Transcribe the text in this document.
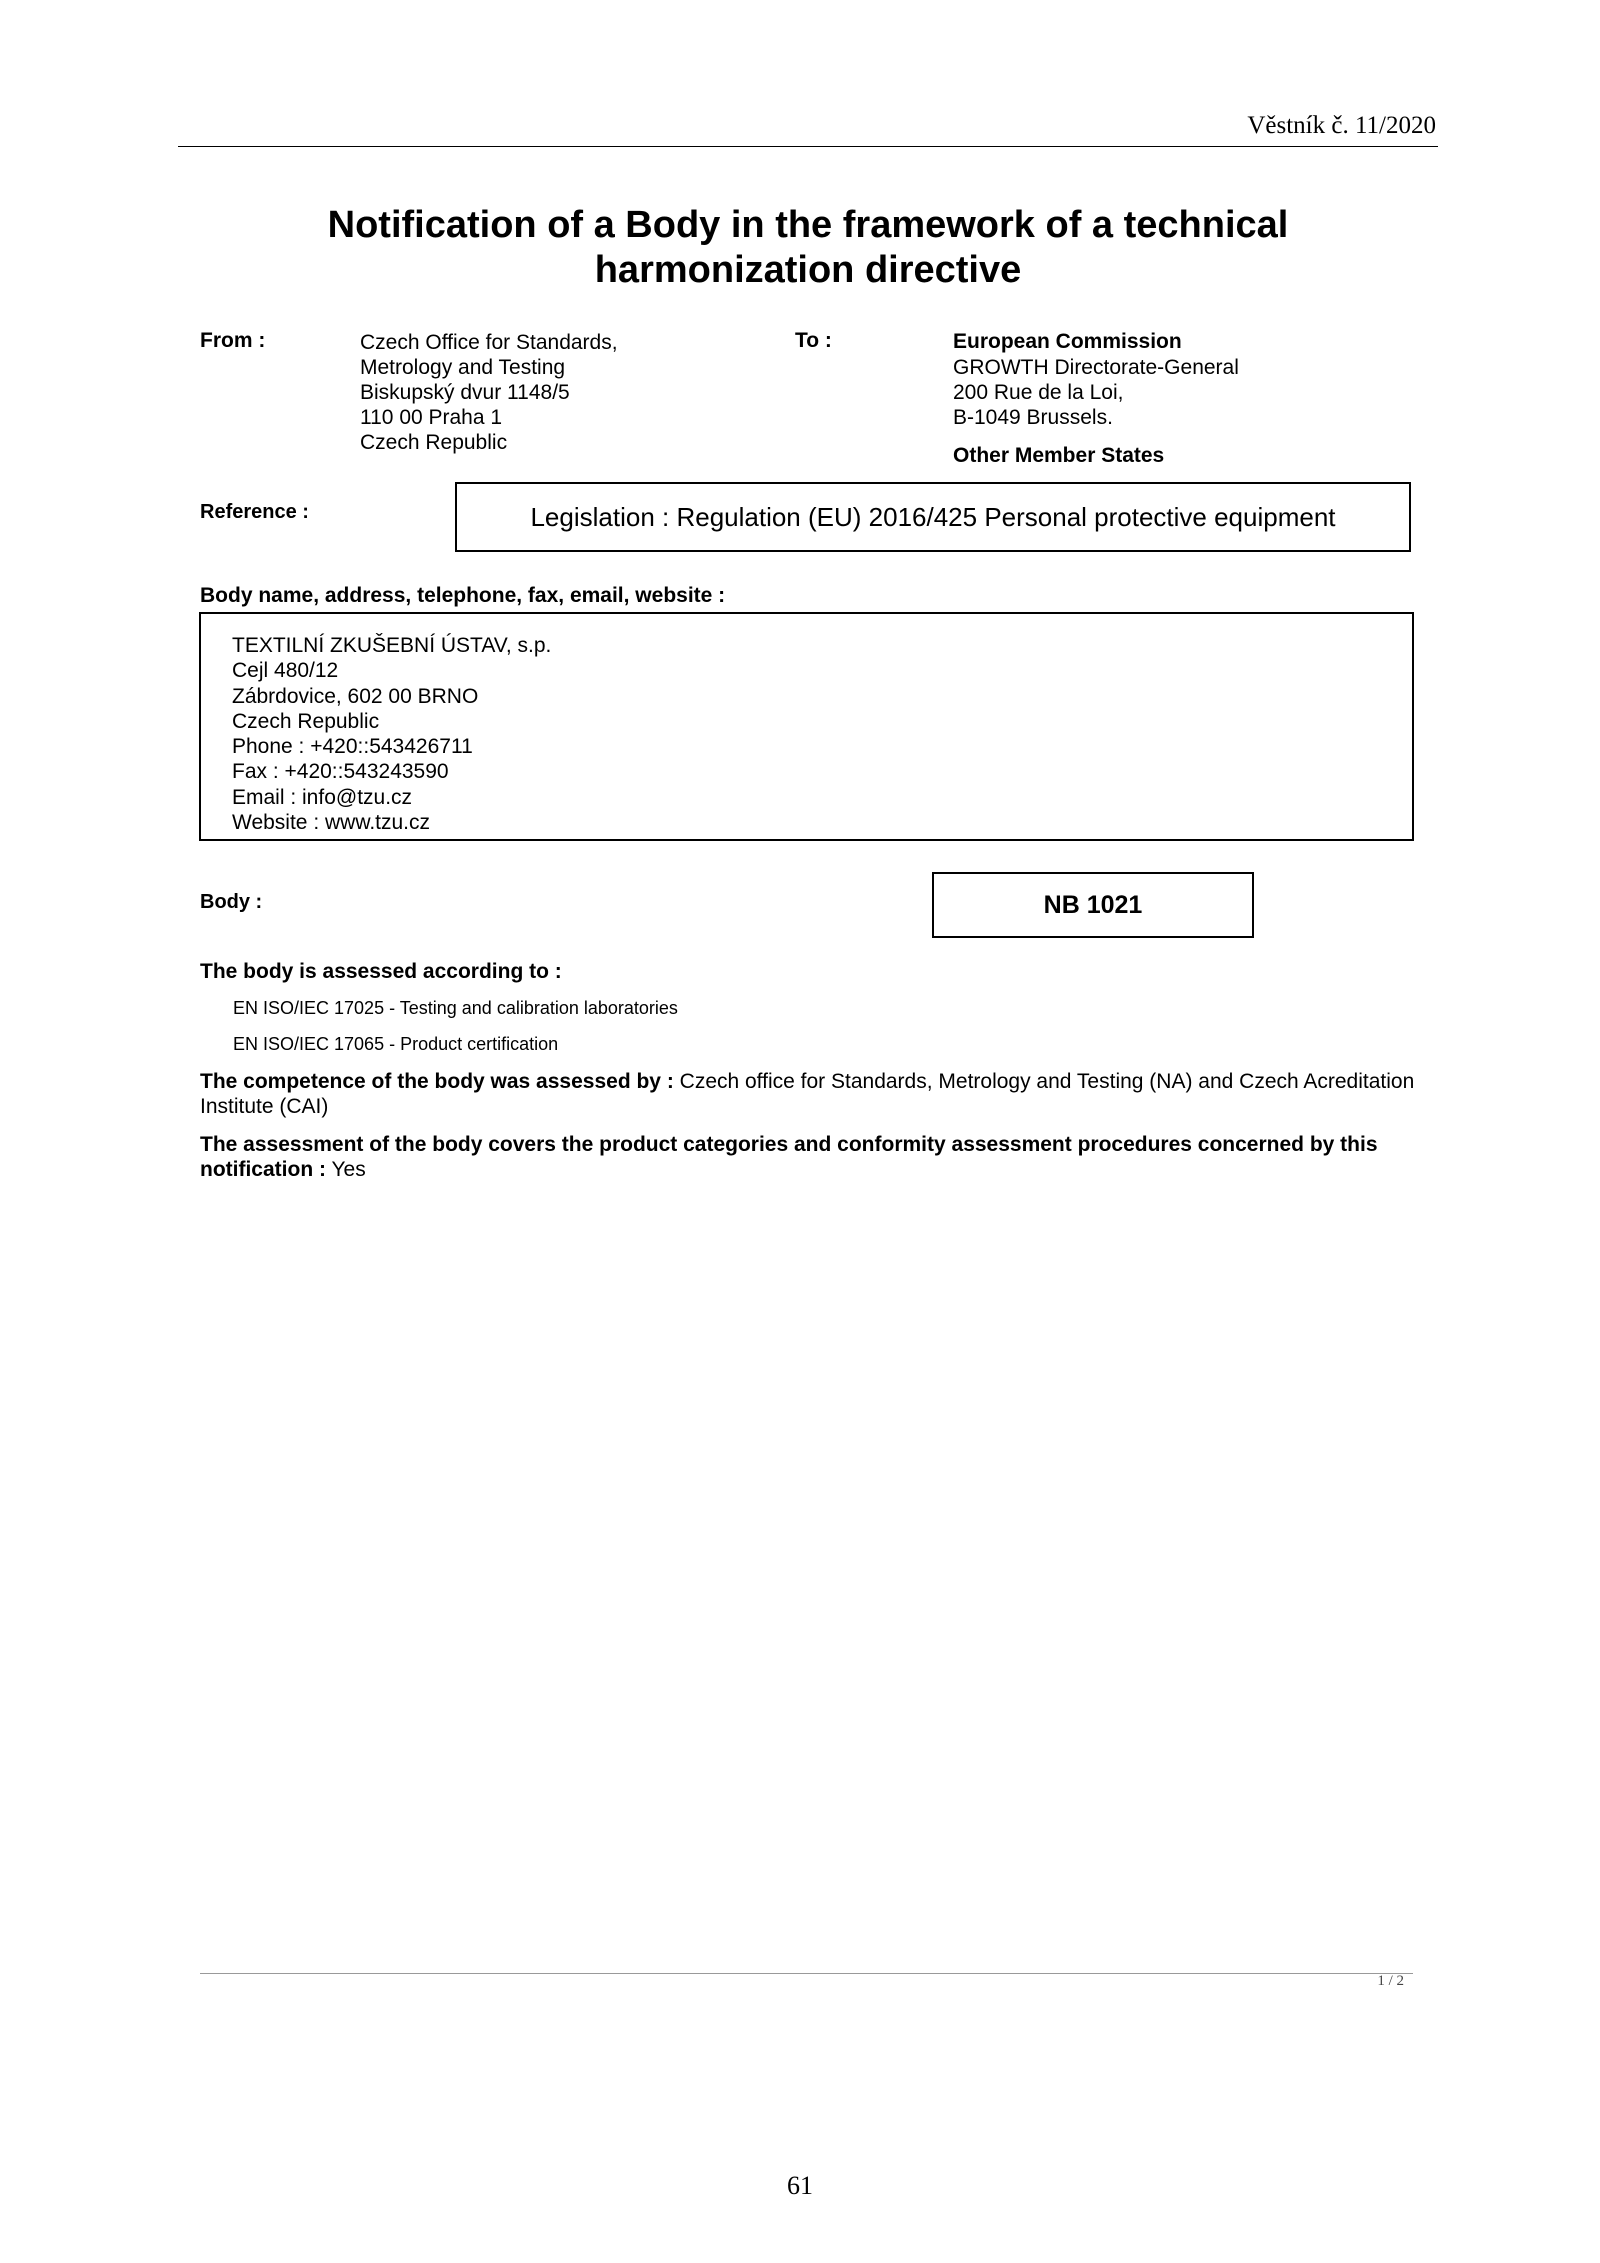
Věstník č. 11/2020
Notification of a Body in the framework of a technical
harmonization directive
From :	Czech Office for Standards,
Metrology and Testing
Biskupský dvur 1148/5
110 00 Praha 1
Czech Republic
To :	European Commission
GROWTH Directorate-General
200 Rue de la Loi,
B-1049 Brussels.
Other Member States
Reference :	Legislation : Regulation (EU) 2016/425 Personal protective equipment
Body name, address, telephone, fax, email, website :
TEXTILNÍ ZKUŠEBNÍ ÚSTAV, s.p.
Cejl 480/12
Zábrdovice, 602 00 BRNO
Czech Republic
Phone : +420::543426711
Fax : +420::543243590
Email : info@tzu.cz
Website : www.tzu.cz
Body :	NB 1021
The body is assessed according to :
EN ISO/IEC 17025 - Testing and calibration laboratories
EN ISO/IEC 17065 - Product certification
The competence of the body was assessed by : Czech office for Standards, Metrology and Testing (NA) and Czech Acreditation Institute (CAI)
The assessment of the body covers the product categories and conformity assessment procedures concerned by this notification : Yes
1 / 2
61
